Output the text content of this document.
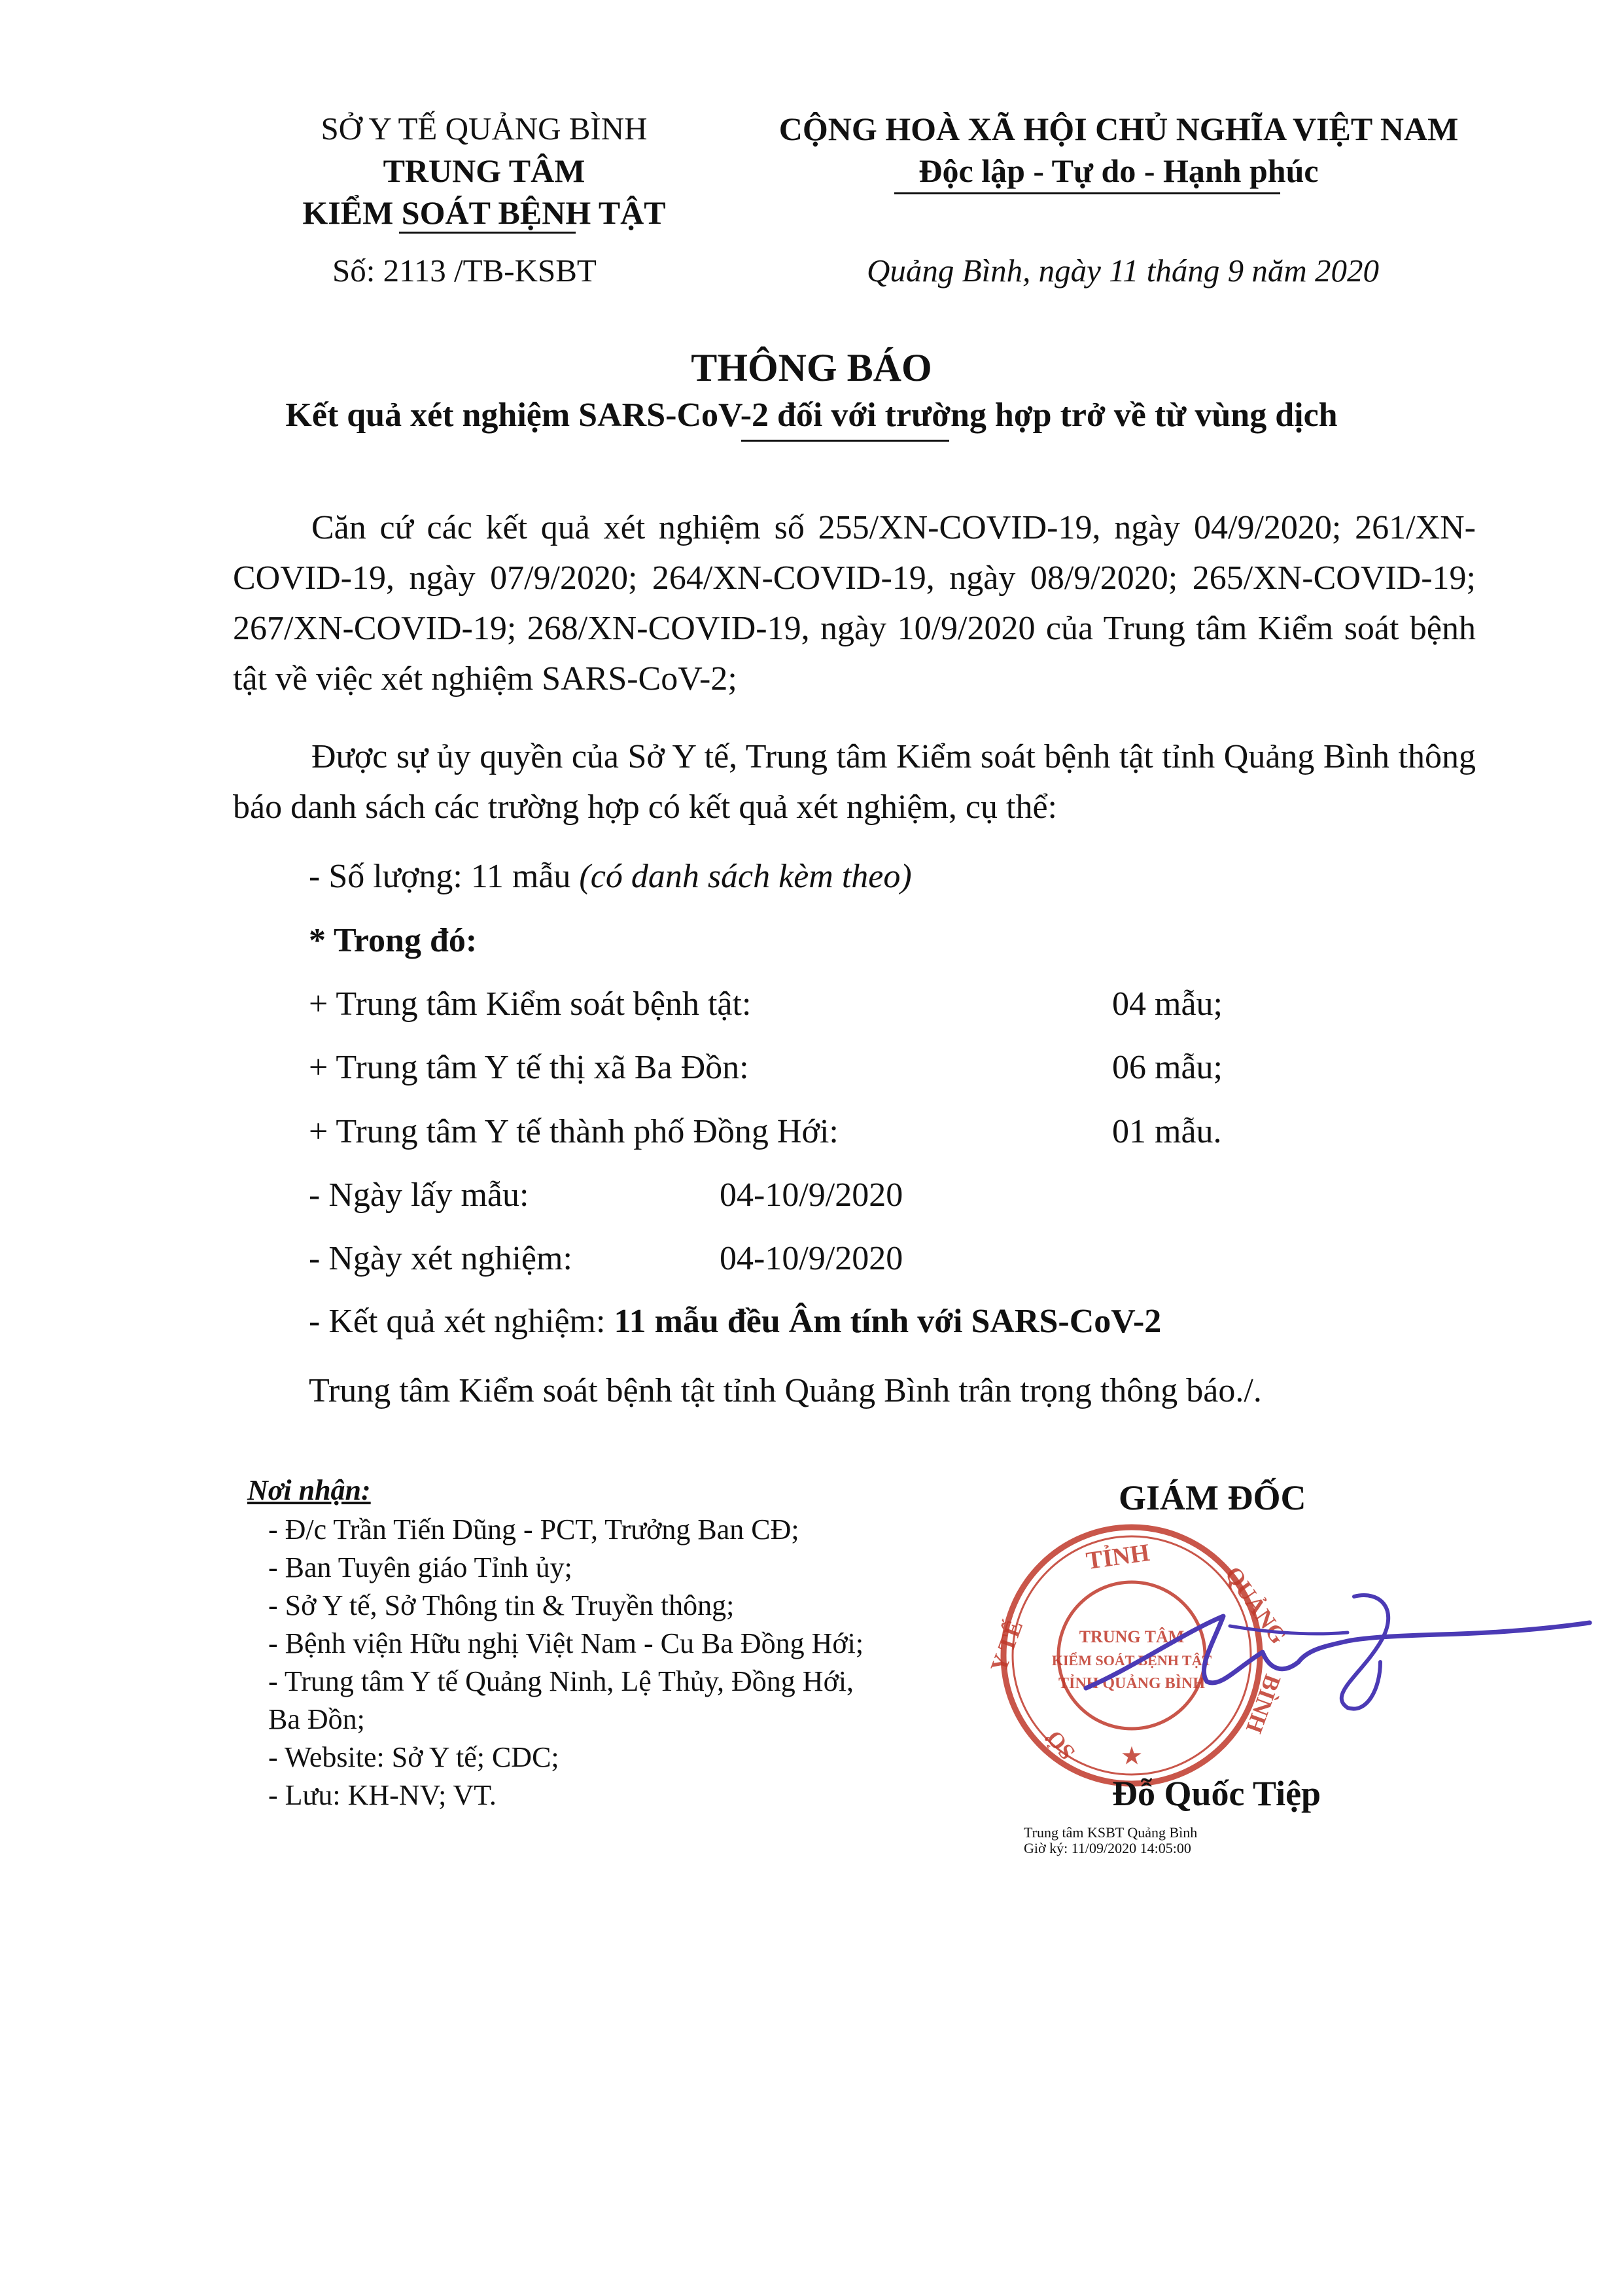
SỞ Y TẾ QUẢNG BÌNH
TRUNG TÂM
KIỂM SOÁT BỆNH TẬT
Số: 2113 /TB-KSBT
CỘNG HOÀ XÃ HỘI CHỦ NGHĨA VIỆT NAM
Độc lập - Tự do - Hạnh phúc
Quảng Bình, ngày 11 tháng 9 năm 2020
THÔNG BÁO
Kết quả xét nghiệm SARS-CoV-2 đối với trường hợp trở về từ vùng dịch
Căn cứ các kết quả xét nghiệm số 255/XN-COVID-19, ngày 04/9/2020; 261/XN-COVID-19, ngày 07/9/2020; 264/XN-COVID-19, ngày 08/9/2020; 265/XN-COVID-19; 267/XN-COVID-19; 268/XN-COVID-19, ngày 10/9/2020 của Trung tâm Kiểm soát bệnh tật về việc xét nghiệm SARS-CoV-2;
Được sự ủy quyền của Sở Y tế, Trung tâm Kiểm soát bệnh tật tỉnh Quảng Bình thông báo danh sách các trường hợp có kết quả xét nghiệm, cụ thể:
- Số lượng: 11 mẫu (có danh sách kèm theo)
* Trong đó:
+ Trung tâm Kiểm soát bệnh tật:	04 mẫu;
+ Trung tâm Y tế thị xã Ba Đồn:	06 mẫu;
+ Trung tâm Y tế thành phố Đồng Hới:	01 mẫu.
- Ngày lấy mẫu:	04-10/9/2020
- Ngày xét nghiệm:	04-10/9/2020
- Kết quả xét nghiệm: 11 mẫu đều Âm tính với SARS-CoV-2
Trung tâm Kiểm soát bệnh tật tỉnh Quảng Bình trân trọng thông báo./.
Nơi nhận:
- Đ/c Trần Tiến Dũng - PCT, Trưởng Ban CĐ;
- Ban Tuyên giáo Tỉnh ủy;
- Sở Y tế, Sở Thông tin & Truyền thông;
- Bệnh viện Hữu nghị Việt Nam - Cu Ba Đồng Hới;
- Trung tâm Y tế Quảng Ninh, Lệ Thủy, Đồng Hới,
Ba Đồn;
- Website: Sở Y tế; CDC;
- Lưu: KH-NV; VT.
GIÁM ĐỐC
TỈNH
QUẢNG
BÌNH
Y TẾ
SỞ
TRUNG TÂM
KIỂM SOÁT BỆNH TẬT
TỈNH QUẢNG BÌNH
★
Đỗ Quốc Tiệp
Trung tâm KSBT Quảng Bình
Giờ ký: 11/09/2020 14:05:00
